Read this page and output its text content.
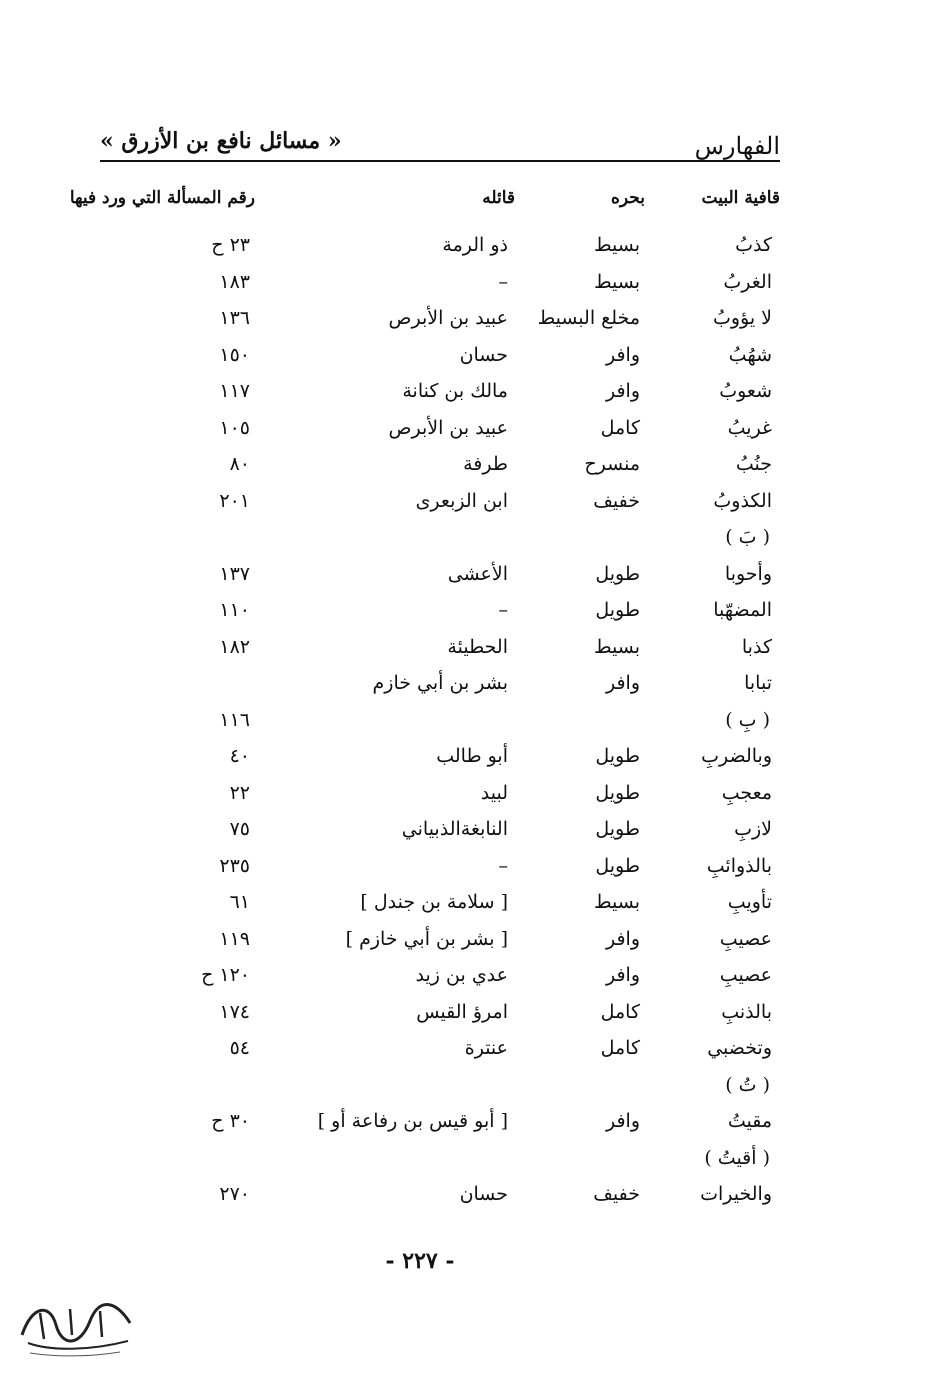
الفهارس
« مسائل نافع بن الأزرق »
قافية البيت
بحره
قائله
رقم المسألة التي ورد فيها
كذبُ
بسيط
ذو الرمة
٢٣ ح
الغربُ
بسيط
–
١٨٣
لا يؤوبُ
مخلع البسيط
عبيد بن الأبرص
١٣٦
شهُبُ
وافر
حسان
١٥٠
شعوبُ
وافر
مالك بن كنانة
١١٧
غريبُ
كامل
عبيد بن الأبرص
١٠٥
جنُبُ
منسرح
طرفة
٨٠
الكذوبُ
خفيف
ابن الزبعرى
٢٠١
( بَ )
وأحوبا
طويل
الأعشى
١٣٧
المضهّبا
طويل
–
١١٠
كذبا
بسيط
الحطيئة
١٨٢
تبابا
وافر
بشر بن أبي خازم
( بِ )
١١٦
وبالضربِ
طويل
أبو طالب
٤٠
معجبِ
طويل
لبيد
٢٢
لازبِ
طويل
النابغةالذبياني
٧٥
بالذوائبِ
طويل
–
٢٣٥
تأويبِ
بسيط
[ سلامة بن جندل ]
٦١
عصيبِ
وافر
[ بشر بن أبي خازم ]
١١٩
عصيبِ
وافر
عدي بن زيد
١٢٠ ح
بالذنبِ
كامل
امرؤ القيس
١٧٤
وتخضبي
كامل
عنترة
٥٤
( تُ )
مقيتُ
وافر
[ أبو قيس بن رفاعة أو ]
٣٠ ح
( أقيتُ )
والخيرات
خفيف
حسان
٢٧٠
- ٢٢٧ -
